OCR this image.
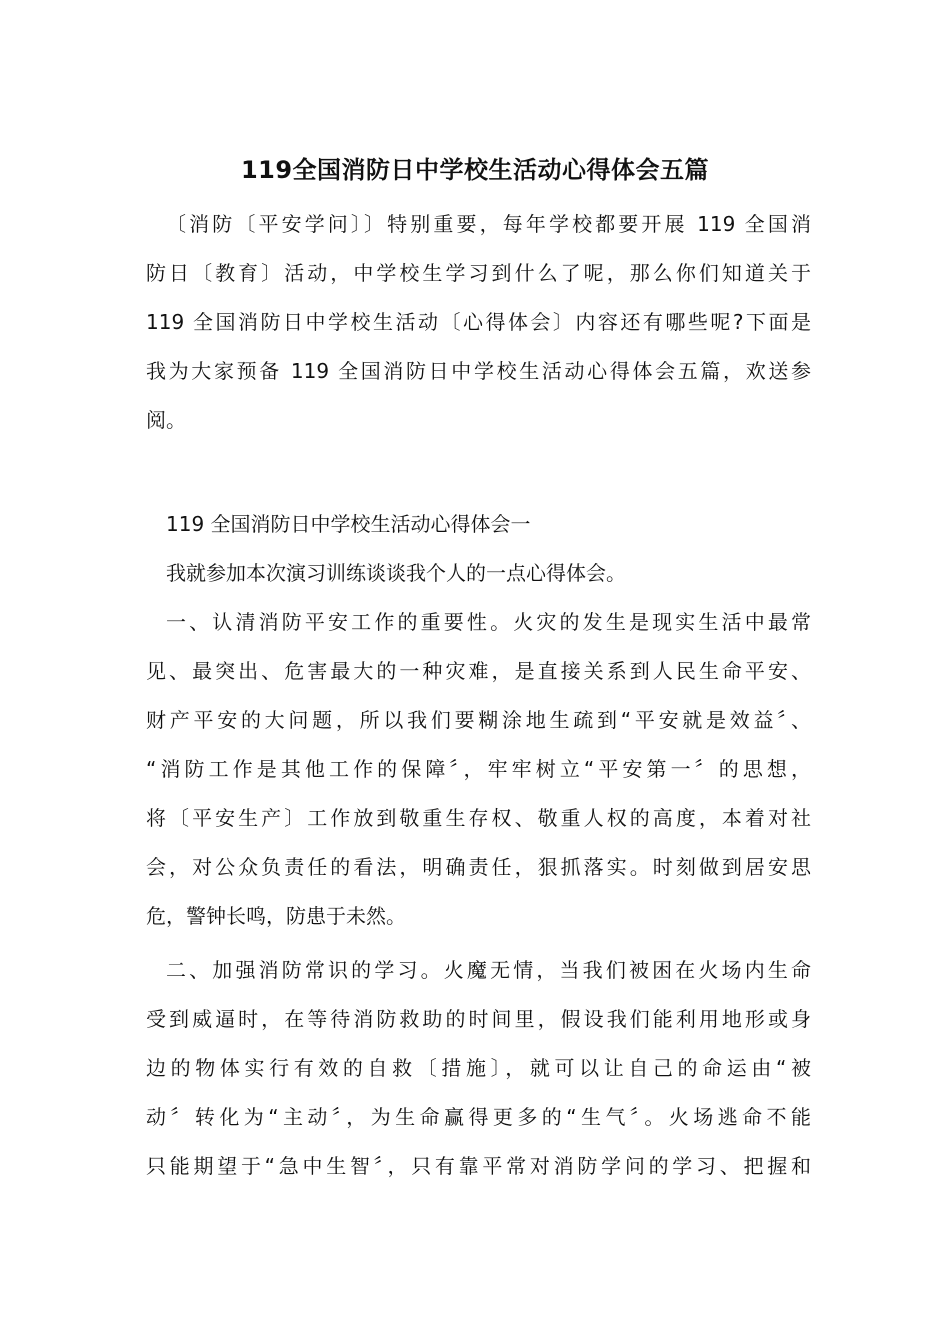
119全国消防日中学校生活动心得体会五篇
〔消防〔平安学问〕〕特别重要，每年学校都要开展 119 全国消
防日〔教育〕活动，中学校生学习到什么了呢，那么你们知道关于
119 全国消防日中学校生活动〔心得体会〕内容还有哪些呢?下面是
我为大家预备 119 全国消防日中学校生活动心得体会五篇，欢送参
阅。
119 全国消防日中学校生活动心得体会一
我就参加本次演习训练谈谈我个人的一点心得体会。
一、认清消防平安工作的重要性。火灾的发生是现实生活中最常
见、最突出、危害最大的一种灾难，是直接关系到人民生命平安、
财产平安的大问题，所以我们要糊涂地生疏到“平安就是效益〞、
“消防工作是其他工作的保障〞，牢牢树立“平安第一〞的思想，
将〔平安生产〕工作放到敬重生存权、敬重人权的高度，本着对社
会，对公众负责任的看法，明确责任，狠抓落实。时刻做到居安思
危，警钟长鸣，防患于未然。
二、加强消防常识的学习。火魔无情，当我们被困在火场内生命
受到威逼时，在等待消防救助的时间里，假设我们能利用地形或身
边的物体实行有效的自救〔措施〕，就可以让自己的命运由“被
动〞转化为“主动〞，为生命赢得更多的“生气〞。火场逃命不能
只能期望于“急中生智〞，只有靠平常对消防学问的学习、把握和
